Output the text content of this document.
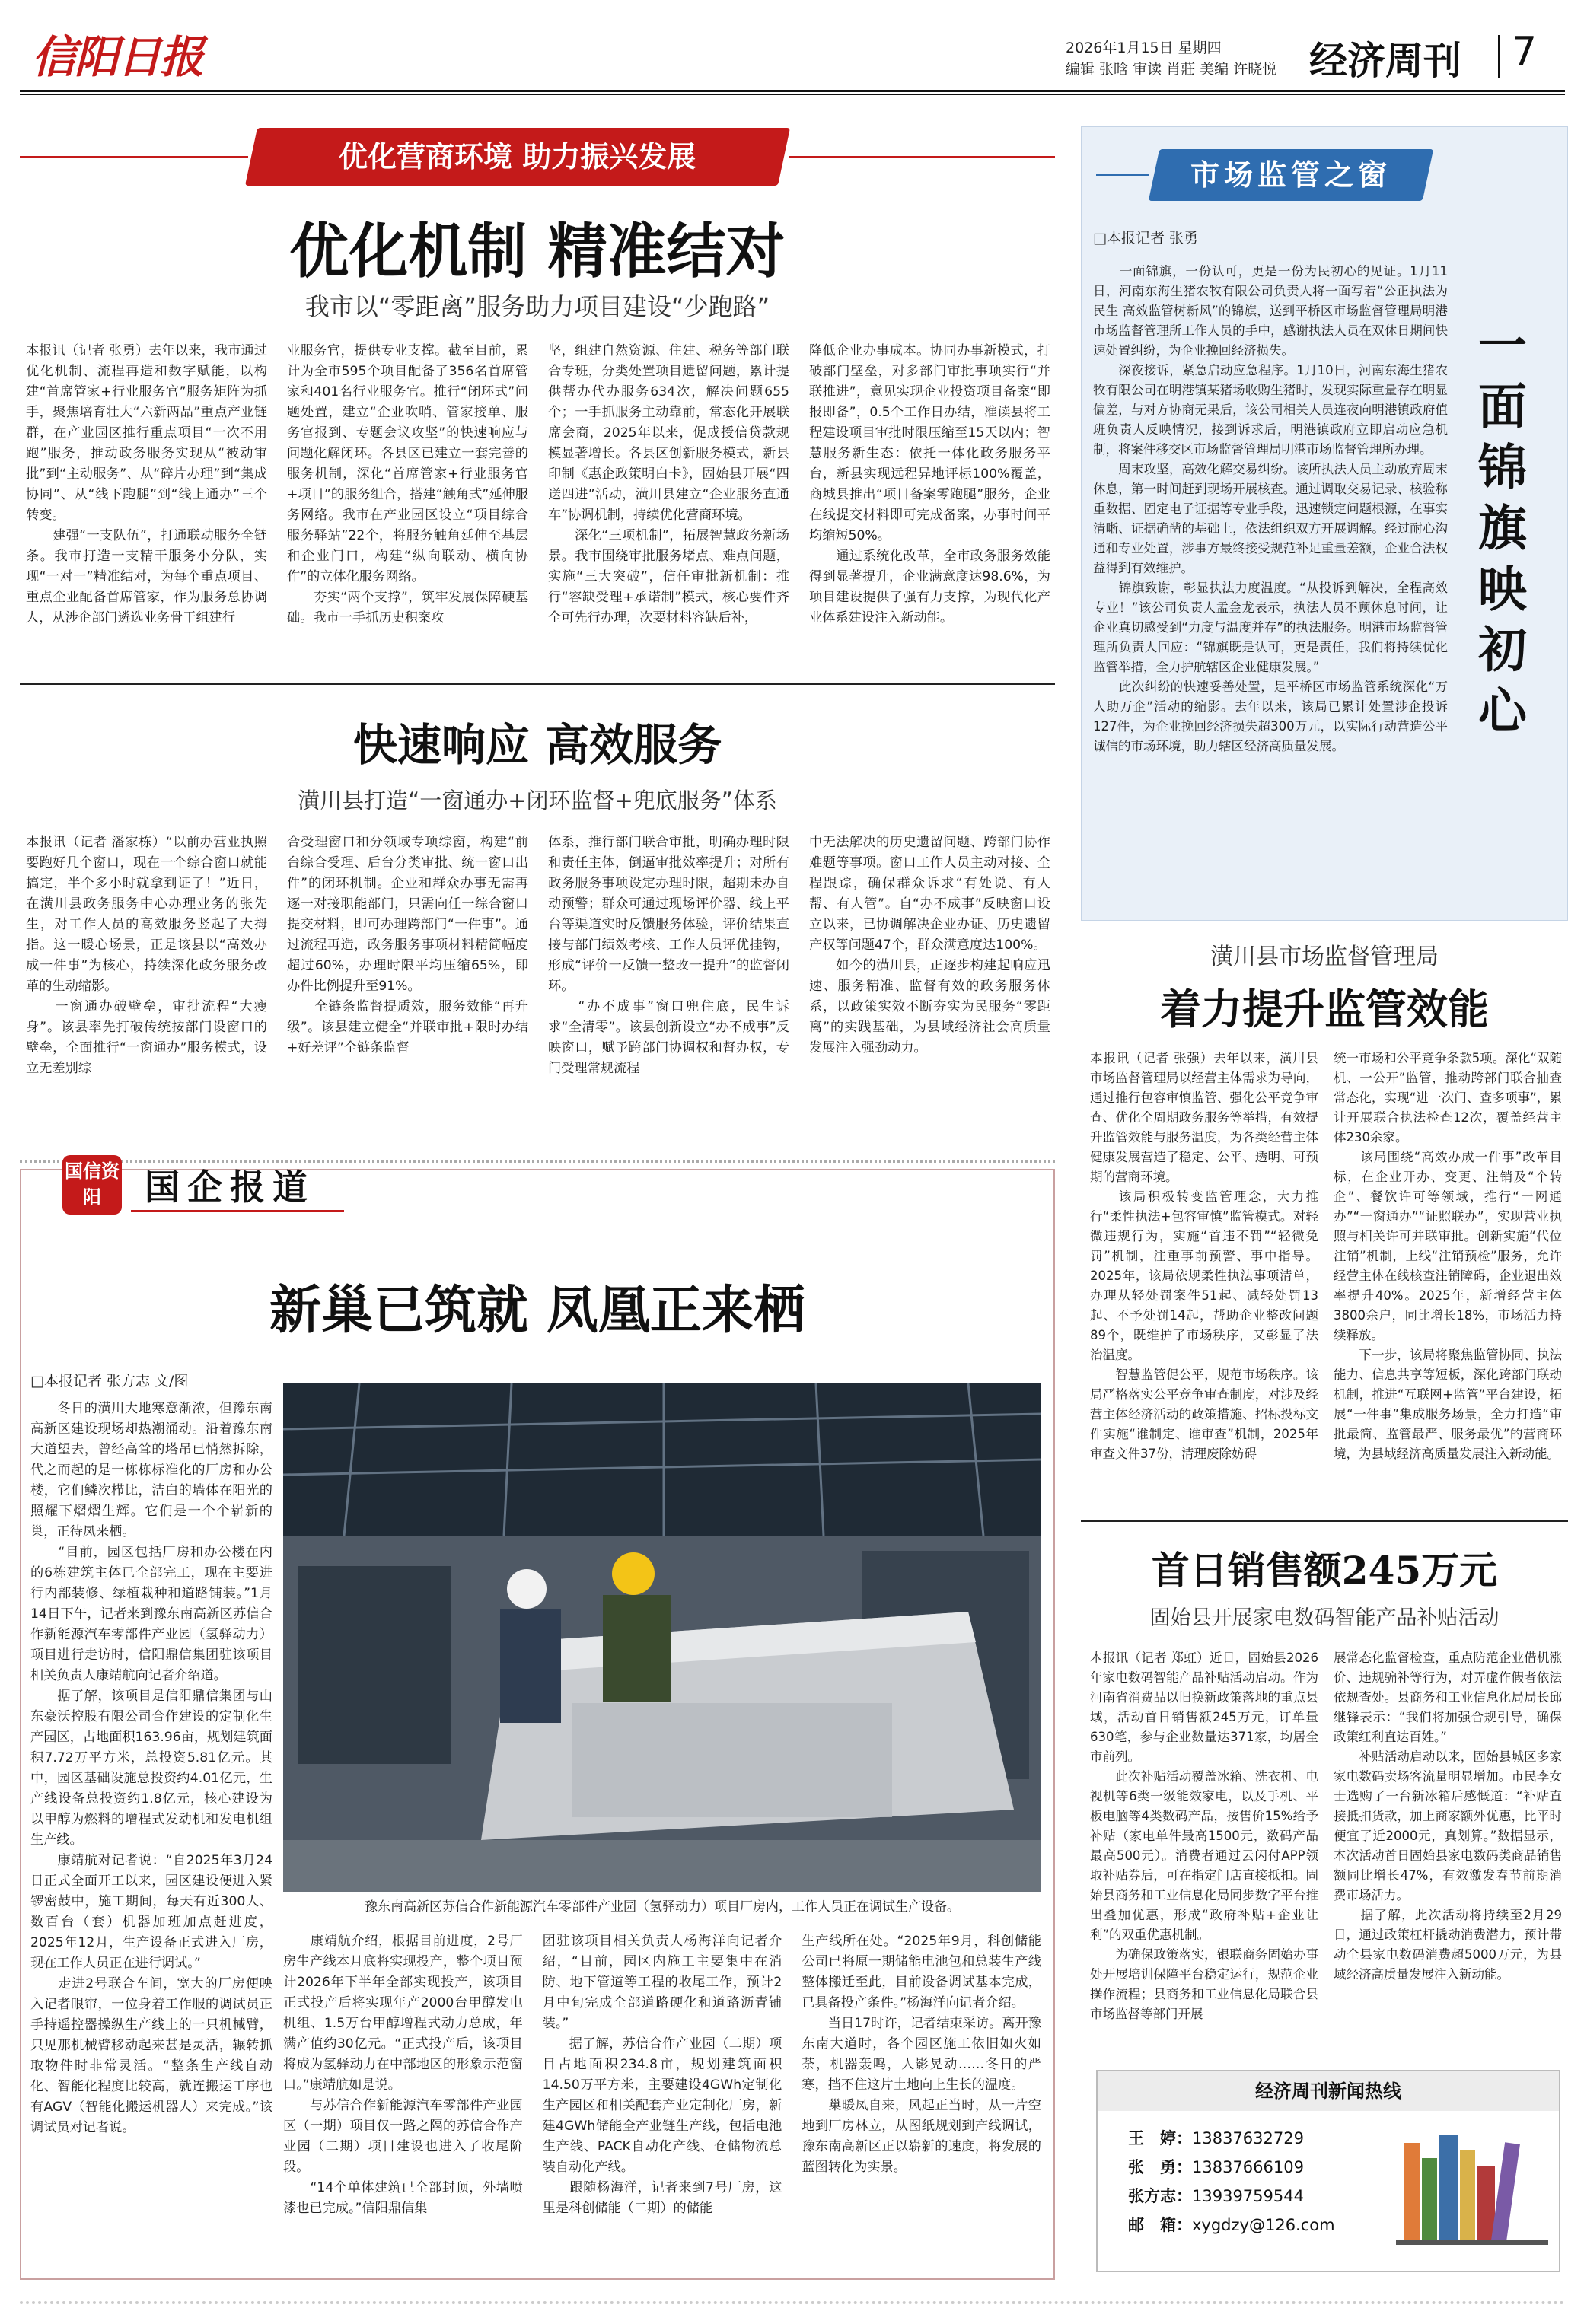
信阳日报	2026年1月15日 星期四
编辑 张晗 审读 肖莊 美编 许晓悦 经济周刊 7
优化营商环境 助力振兴发展
优化机制 精准结对
我市以“零距离”服务助力项目建设“少跑路”
本报讯（记者 张勇）去年以来，我市通过优化机制、流程再造和数字赋能，以构建“首席管家+行业服务官”服务矩阵为抓手，聚焦培育壮大“六新两品”重点产业链群，在产业园区推行重点项目“一次不用跑”服务，推动政务服务实现从“被动审批”到“主动服务”、从“碎片办理”到“集成协同”、从“线下跑腿”到“线上通办”三个转变。
　　建强“一支队伍”，打通联动服务全链条。我市打造一支精干服务小分队，实现“一对一”精准结对，为每个重点项目、重点企业配备首席管家，作为服务总协调人，从涉企部门遴选业务骨干组建行
业服务官，提供专业支撑。截至目前，累计为全市595个项目配备了356名首席管家和401名行业服务官。推行“闭环式”问题处置，建立“企业吹哨、管家接单、服务官报到、专题会议攻坚”的快速响应与问题化解闭环。各县区已建立一套完善的服务机制，深化“首席管家+行业服务官+项目”的服务组合，搭建“触角式”延伸服务网络。我市在产业园区设立“项目综合服务驿站”22个，将服务触角延伸至基层和企业门口，构建“纵向联动、横向协作”的立体化服务网络。
　　夯实“两个支撑”，筑牢发展保障硬基础。我市一手抓历史积案攻
坚，组建自然资源、住建、税务等部门联合专班，分类处置项目遗留问题，累计提供帮办代办服务634次，解决问题655个；一手抓服务主动靠前，常态化开展联席会商，2025年以来，促成授信贷款规模显著增长。各县区创新服务模式，新县印制《惠企政策明白卡》，固始县开展“四送四进”活动，潢川县建立“企业服务直通车”协调机制，持续优化营商环境。
　　深化“三项机制”，拓展智慧政务新场景。我市围绕审批服务堵点、难点问题，实施“三大突破”，信任审批新机制：推行“容缺受理+承诺制”模式，核心要件齐全可先行办理，次要材料容缺后补，
降低企业办事成本。协同办事新模式，打破部门壁垒，对多部门审批事项实行“并联推进”，意见实现企业投资项目备案“即报即备”，0.5个工作日办结，准读县将工程建设项目审批时限压缩至15天以内；智慧服务新生态：依托一体化政务服务平台，新县实现远程异地评标100%覆盖，商城县推出“项目备案零跑腿”服务，企业在线提交材料即可完成备案，办事时间平均缩短50%。
　　通过系统化改革，全市政务服务效能得到显著提升，企业满意度达98.6%，为项目建设提供了强有力支撑，为现代化产业体系建设注入新动能。
快速响应 高效服务
潢川县打造“一窗通办+闭环监督+兜底服务”体系
本报讯（记者 潘家栋）“以前办营业执照要跑好几个窗口，现在一个综合窗口就能搞定，半个多小时就拿到证了！”近日，在潢川县政务服务中心办理业务的张先生，对工作人员的高效服务竖起了大拇指。这一暖心场景，正是该县以“高效办成一件事”为核心，持续深化政务服务改革的生动缩影。
　　一窗通办破壁垒，审批流程“大瘦身”。该县率先打破传统按部门设窗口的壁垒，全面推行“一窗通办”服务模式，设立无差别综
合受理窗口和分领域专项综窗，构建“前台综合受理、后台分类审批、统一窗口出件”的闭环机制。企业和群众办事无需再逐一对接职能部门，只需向任一综合窗口提交材料，即可办理跨部门“一件事”。通过流程再造，政务服务事项材料精简幅度超过60%，办理时限平均压缩65%，即办件比例提升至91%。
　　全链条监督提质效，服务效能“再升级”。该县建立健全“并联审批+限时办结+好差评”全链条监督
体系，推行部门联合审批，明确办理时限和责任主体，倒逼审批效率提升；对所有政务服务事项设定办理时限，超期未办自动预警；群众可通过现场评价器、线上平台等渠道实时反馈服务体验，评价结果直接与部门绩效考核、工作人员评优挂钩，形成“评价一反馈一整改一提升”的监督闭环。
　　“办不成事”窗口兜住底，民生诉求“全清零”。该县创新设立“办不成事”反映窗口，赋予跨部门协调权和督办权，专门受理常规流程
中无法解决的历史遗留问题、跨部门协作难题等事项。窗口工作人员主动对接、全程跟踪，确保群众诉求“有处说、有人帮、有人管”。自“办不成事”反映窗口设立以来，已协调解决企业办证、历史遗留产权等问题47个，群众满意度达100%。
　　如今的潢川县，正逐步构建起响应迅速、服务精准、监督有效的政务服务体系，以政策实效不断夯实为民服务“零距离”的实践基础，为县域经济社会高质量发展注入强劲动力。
国信资阳	国企报道
新巢已筑就 凤凰正来栖
□本报记者 张方志 文/图
　　冬日的潢川大地寒意渐浓，但豫东南高新区建设现场却热潮涌动。沿着豫东南大道望去，曾经高耸的塔吊已悄然拆除，代之而起的是一栋栋标准化的厂房和办公楼，它们鳞次栉比，洁白的墙体在阳光的照耀下熠熠生辉。它们是一个个崭新的巢，正待凤来栖。
　　“目前，园区包括厂房和办公楼在内的6栋建筑主体已全部完工，现在主要进行内部装修、绿植栽种和道路铺装。”1月14日下午，记者来到豫东南高新区苏信合作新能源汽车零部件产业园（氢驿动力）项目进行走访时，信阳鼎信集团驻该项目相关负责人康靖航向记者介绍道。
　　据了解，该项目是信阳鼎信集团与山东豪沃控股有限公司合作建设的定制化生产园区，占地面积163.96亩，规划建筑面积7.72万平方米，总投资5.81亿元。其中，园区基础设施总投资约4.01亿元，生产线设备总投资约1.8亿元，核心建设为以甲醇为燃料的增程式发动机和发电机组生产线。
　　康靖航对记者说：“自2025年3月24日正式全面开工以来，园区建设便进入紧锣密鼓中，施工期间，每天有近300人、数百台（套）机器加班加点赶进度，2025年12月，生产设备正式进入厂房，现在工作人员正在进行调试。”
　　走进2号联合车间，宽大的厂房便映入记者眼帘，一位身着工作服的调试员正手持遥控器操纵生产线上的一只机械臂，只见那机械臂移动起来甚是灵活，辗转抓取物件时非常灵活。“整条生产线自动化、智能化程度比较高，就连搬运工序也有AGV（智能化搬运机器人）来完成。”该调试员对记者说。
豫东南高新区苏信合作新能源汽车零部件产业园（氢驿动力）项目厂房内，工作人员正在调试生产设备。
　　康靖航介绍，根据目前进度，2号厂房生产线本月底将实现投产，整个项目预计2026年下半年全部实现投产，该项目正式投产后将实现年产2000台甲醇发电机组、1.5万台甲醇增程式动力总成，年满产值约30亿元。“正式投产后，该项目将成为氢驿动力在中部地区的形象示范窗口。”康靖航如是说。
　　与苏信合作新能源汽车零部件产业园区（一期）项目仅一路之隔的苏信合作产业园（二期）项目建设也进入了收尾阶段。
　　“14个单体建筑已全部封顶，外墙喷漆也已完成。”信阳鼎信集
团驻该项目相关负责人杨海洋向记者介绍，“目前，园区内施工主要集中在消防、地下管道等工程的收尾工作，预计2月中旬完成全部道路硬化和道路沥青铺装。”
　　据了解，苏信合作产业园（二期）项目占地面积234.8亩，规划建筑面积14.50万平方米，主要建设4GWh定制化生产园区和相关配套产业定制化厂房，新建4GWh储能全产业链生产线，包括电池生产线、PACK自动化产线、仓储物流总装自动化产线。
　　跟随杨海洋，记者来到7号厂房，这里是科创储能（二期）的储能
生产线所在处。“2025年9月，科创储能公司已将原一期储能电池包和总装生产线整体搬迁至此，目前设备调试基本完成，已具备投产条件。”杨海洋向记者介绍。
　　当日17时许，记者结束采访。离开豫东南大道时，各个园区施工依旧如火如荼，机器轰鸣，人影晃动……冬日的严寒，挡不住这片土地向上生长的温度。
　　巢暖凤自来，风起正当时，从一片空地到厂房林立，从图纸规划到产线调试，豫东南高新区正以崭新的速度，将发展的蓝图转化为实景。
市场监管之窗
□本报记者 张勇
　　一面锦旗，一份认可，更是一份为民初心的见证。1月11日，河南东海生猪农牧有限公司负责人将一面写着“公正执法为民生 高效监管树新风”的锦旗，送到平桥区市场监督管理局明港市场监督管理所工作人员的手中，感谢执法人员在双休日期间快速处置纠纷，为企业挽回经济损失。
　　深夜接诉，紧急启动应急程序。1月10日，河南东海生猪农牧有限公司在明港镇某猪场收购生猪时，发现实际重量存在明显偏差，与对方协商无果后，该公司相关人员连夜向明港镇政府值班负责人反映情况，接到诉求后，明港镇政府立即启动应急机制，将案件移交区市场监督管理局明港市场监督管理所办理。
　　周末攻坚，高效化解交易纠纷。该所执法人员主动放弃周末休息，第一时间赶到现场开展核查。通过调取交易记录、核验称重数据、固定电子证据等专业手段，迅速锁定问题根源，在事实清晰、证据确凿的基础上，依法组织双方开展调解。经过耐心沟通和专业处置，涉事方最终接受规范补足重量差额，企业合法权益得到有效维护。
　　锦旗致谢，彰显执法力度温度。“从投诉到解决，全程高效专业！”该公司负责人孟金龙表示，执法人员不顾休息时间，让企业真切感受到“力度与温度并存”的执法服务。明港市场监督管理所负责人回应：“锦旗既是认可，更是责任，我们将持续优化监管举措，全力护航辖区企业健康发展。”
　　此次纠纷的快速妥善处置，是平桥区市场监管系统深化“万人助万企”活动的缩影。去年以来，该局已累计处置涉企投诉127件，为企业挽回经济损失超300万元，以实际行动营造公平诚信的市场环境，助力辖区经济高质量发展。
一面锦旗映初心
潢川县市场监督管理局
着力提升监管效能
本报讯（记者 张强）去年以来，潢川县市场监督管理局以经营主体需求为导向，通过推行包容审慎监管、强化公平竞争审查、优化全周期政务服务等举措，有效提升监管效能与服务温度，为各类经营主体健康发展营造了稳定、公平、透明、可预期的营商环境。
　　该局积极转变监管理念，大力推行“柔性执法+包容审慎”监管模式。对轻微违规行为，实施“首违不罚”“轻微免罚”机制，注重事前预警、事中指导。2025年，该局依规柔性执法事项清单，办理从轻处罚案件51起、减轻处罚13起、不予处罚14起，帮助企业整改问题89个，既维护了市场秩序，又彰显了法治温度。
　　智慧监管促公平，规范市场秩序。该局严格落实公平竞争审查制度，对涉及经营主体经济活动的政策措施、招标投标文件实施“谁制定、谁审查”机制，2025年审查文件37份，清理废除妨碍
统一市场和公平竞争条款5项。深化“双随机、一公开”监管，推动跨部门联合抽查常态化，实现“进一次门、查多项事”，累计开展联合执法检查12次，覆盖经营主体230余家。
　　该局围绕“高效办成一件事”改革目标，在企业开办、变更、注销及“个转企”、餐饮许可等领域，推行“一网通办”“一窗通办”“证照联办”，实现营业执照与相关许可并联审批。创新实施“代位注销”机制，上线“注销预检”服务，允许经营主体在线核查注销障碍，企业退出效率提升40%。2025年，新增经营主体3800余户，同比增长18%，市场活力持续释放。
　　下一步，该局将聚焦监管协同、执法能力、信息共享等短板，深化跨部门联动机制，推进“互联网+监管”平台建设，拓展“一件事”集成服务场景，全力打造“审批最简、监管最严、服务最优”的营商环境，为县域经济高质量发展注入新动能。
首日销售额245万元
固始县开展家电数码智能产品补贴活动
本报讯（记者 郑虹）近日，固始县2026年家电数码智能产品补贴活动启动。作为河南省消费品以旧换新政策落地的重点县域，活动首日销售额245万元，订单量630笔，参与企业数量达371家，均居全市前列。
　　此次补贴活动覆盖冰箱、洗衣机、电视机等6类一级能效家电，以及手机、平板电脑等4类数码产品，按售价15%给予补贴（家电单件最高1500元，数码产品最高500元）。消费者通过云闪付APP领取补贴券后，可在指定门店直接抵扣。固始县商务和工业信息化局同步数字平台推出叠加优惠，形成“政府补贴+企业让利”的双重优惠机制。
　　为确保政策落实，银联商务固始办事处开展培训保障平台稳定运行，规范企业操作流程；县商务和工业信息化局联合县市场监督等部门开展
展常态化监督检查，重点防范企业借机涨价、违规骗补等行为，对弄虚作假者依法依规查处。县商务和工业信息化局局长邱继锋表示：“我们将加强合规引导，确保政策红利直达百姓。”
　　补贴活动启动以来，固始县城区多家家电数码卖场客流量明显增加。市民李女士选购了一台新冰箱后感慨道：“补贴直接抵扣货款，加上商家额外优惠，比平时便宜了近2000元，真划算。”数据显示，本次活动首日固始县家电数码类商品销售额同比增长47%，有效激发春节前期消费市场活力。
　　据了解，此次活动将持续至2月29日，通过政策杠杆撬动消费潜力，预计带动全县家电数码消费超5000万元，为县域经济高质量发展注入新动能。
经济周刊新闻热线
王　婷：13837632729
张　勇：13837666109
张方志：13939759544
邮　箱：xygdzy@126.com
